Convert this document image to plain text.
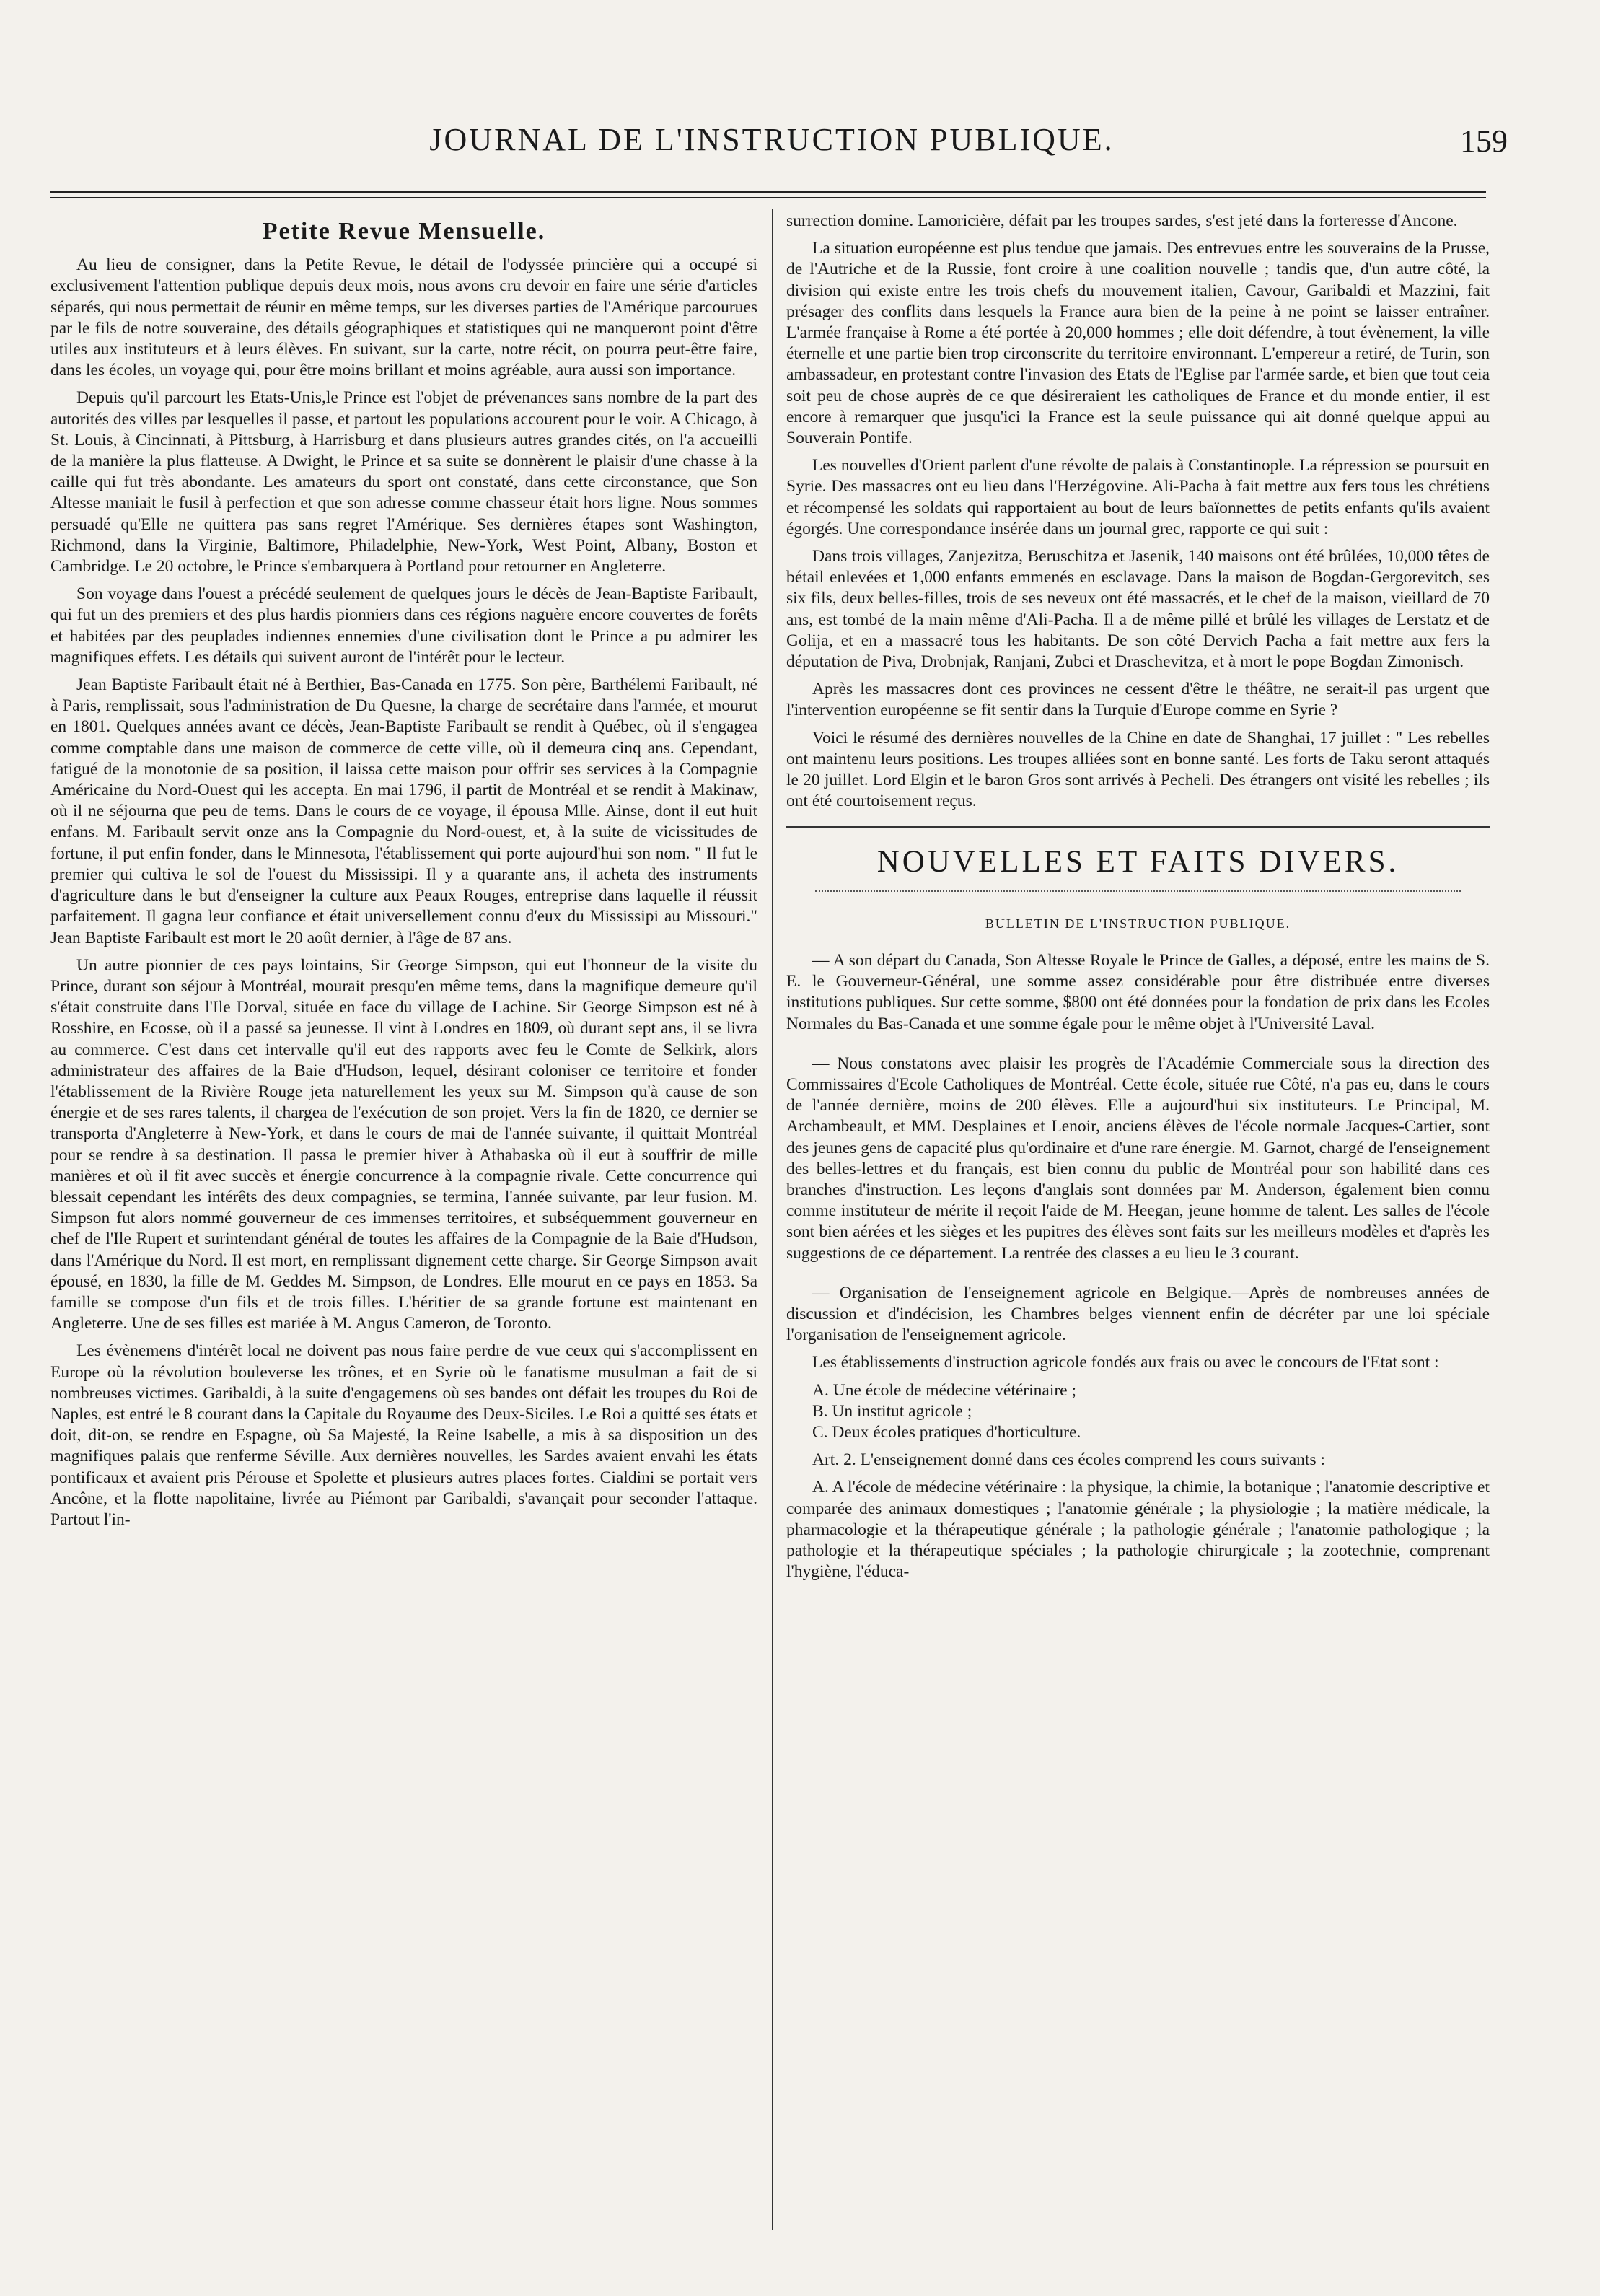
JOURNAL DE L'INSTRUCTION PUBLIQUE.	159
Petite Revue Mensuelle.

Au lieu de consigner, dans la Petite Revue, le détail de l'odyssée princière qui a occupé si exclusivement l'attention publique depuis deux mois, nous avons cru devoir en faire une série d'articles séparés, qui nous permettait de réunir en même temps, sur les diverses parties de l'Amérique parcourues par le fils de notre souveraine, des détails géographiques et statistiques qui ne manqueront point d'être utiles aux instituteurs et à leurs élèves. En suivant, sur la carte, notre récit, on pourra peut-être faire, dans les écoles, un voyage qui, pour être moins brillant et moins agréable, aura aussi son importance.

Depuis qu'il parcourt les Etats-Unis,le Prince est l'objet de prévenances sans nombre de la part des autorités des villes par lesquelles il passe, et partout les populations accourent pour le voir. A Chicago, à St. Louis, à Cincinnati, à Pittsburg, à Harrisburg et dans plusieurs autres grandes cités, on l'a accueilli de la manière la plus flatteuse. A Dwight, le Prince et sa suite se donnèrent le plaisir d'une chasse à la caille qui fut très abondante. Les amateurs du sport ont constaté, dans cette circonstance, que Son Altesse maniait le fusil à perfection et que son adresse comme chasseur était hors ligne. Nous sommes persuadé qu'Elle ne quittera pas sans regret l'Amérique. Ses dernières étapes sont Washington, Richmond, dans la Virginie, Baltimore, Philadelphie, New-York, West Point, Albany, Boston et Cambridge. Le 20 octobre, le Prince s'embarquera à Portland pour retourner en Angleterre.

Son voyage dans l'ouest a précédé seulement de quelques jours le décès de Jean-Baptiste Faribault, qui fut un des premiers et des plus hardis pionniers dans ces régions naguère encore couvertes de forêts et habitées par des peuplades indiennes ennemies d'une civilisation dont le Prince a pu admirer les magnifiques effets. Les détails qui suivent auront de l'intérêt pour le lecteur.

Jean Baptiste Faribault était né à Berthier, Bas-Canada en 1775. Son père, Barthélemi Faribault, né à Paris, remplissait, sous l'administration de Du Quesne, la charge de secrétaire dans l'armée, et mourut en 1801. Quelques années avant ce décès, Jean-Baptiste Faribault se rendit à Québec, où il s'engagea comme comptable dans une maison de commerce de cette ville, où il demeura cinq ans. Cependant, fatigué de la monotonie de sa position, il laissa cette maison pour offrir ses services à la Compagnie Américaine du Nord-Ouest qui les accepta. En mai 1796, il partit de Montréal et se rendit à Makinaw, où il ne séjourna que peu de tems. Dans le cours de ce voyage, il épousa Mlle. Ainse, dont il eut huit enfans. M. Faribault servit onze ans la Compagnie du Nord-ouest, et, à la suite de vicissitudes de fortune, il put enfin fonder, dans le Minnesota, l'établissement qui porte aujourd'hui son nom. " Il fut le premier qui cultiva le sol de l'ouest du Mississipi. Il y a quarante ans, il acheta des instruments d'agriculture dans le but d'enseigner la culture aux Peaux Rouges, entreprise dans laquelle il réussit parfaitement. Il gagna leur confiance et était universellement connu d'eux du Mississipi au Missouri." Jean Baptiste Faribault est mort le 20 août dernier, à l'âge de 87 ans.

Un autre pionnier de ces pays lointains, Sir George Simpson, qui eut l'honneur de la visite du Prince, durant son séjour à Montréal, mourait presqu'en même tems, dans la magnifique demeure qu'il s'était construite dans l'Ile Dorval, située en face du village de Lachine. Sir George Simpson est né à Rosshire, en Ecosse, où il a passé sa jeunesse. Il vint à Londres en 1809, où durant sept ans, il se livra au commerce. C'est dans cet intervalle qu'il eut des rapports avec feu le Comte de Selkirk, alors administrateur des affaires de la Baie d'Hudson, lequel, désirant coloniser ce territoire et fonder l'établissement de la Rivière Rouge jeta naturellement les yeux sur M. Simpson qu'à cause de son énergie et de ses rares talents, il chargea de l'exécution de son projet. Vers la fin de 1820, ce dernier se transporta d'Angleterre à New-York, et dans le cours de mai de l'année suivante, il quittait Montréal pour se rendre à sa destination. Il passa le premier hiver à Athabaska où il eut à souffrir de mille manières et où il fit avec succès et énergie concurrence à la compagnie rivale. Cette concurrence qui blessait cependant les intérêts des deux compagnies, se termina, l'année suivante, par leur fusion. M. Simpson fut alors nommé gouverneur de ces immenses territoires, et subséquemment gouverneur en chef de l'Ile Rupert et surintendant général de toutes les affaires de la Compagnie de la Baie d'Hudson, dans l'Amérique du Nord. Il est mort, en remplissant dignement cette charge. Sir George Simpson avait épousé, en 1830, la fille de M. Geddes M. Simpson, de Londres. Elle mourut en ce pays en 1853. Sa famille se compose d'un fils et de trois filles. L'héritier de sa grande fortune est maintenant en Angleterre. Une de ses filles est mariée à M. Angus Cameron, de Toronto.

Les évènemens d'intérêt local ne doivent pas nous faire perdre de vue ceux qui s'accomplissent en Europe où la révolution bouleverse les trônes, et en Syrie où le fanatisme musulman a fait de si nombreuses victimes. Garibaldi, à la suite d'engagemens où ses bandes ont défait les troupes du Roi de Naples, est entré le 8 courant dans la Capitale du Royaume des Deux-Siciles. Le Roi a quitté ses états et doit, dit-on, se rendre en Espagne, où Sa Majesté, la Reine Isabelle, a mis à sa disposition un des magnifiques palais que renferme Séville. Aux dernières nouvelles, les Sardes avaient envahi les états pontificaux et avaient pris Pérouse et Spolette et plusieurs autres places fortes. Cialdini se portait vers Ancône, et la flotte napolitaine, livrée au Piémont par Garibaldi, s'avançait pour seconder l'attaque. Partout l'in-

surrection domine. Lamoricière, défait par les troupes sardes, s'est jeté dans la forteresse d'Ancone.

La situation européenne est plus tendue que jamais. Des entrevues entre les souverains de la Prusse, de l'Autriche et de la Russie, font croire à une coalition nouvelle ; tandis que, d'un autre côté, la division qui existe entre les trois chefs du mouvement italien, Cavour, Garibaldi et Mazzini, fait présager des conflits dans lesquels la France aura bien de la peine à ne point se laisser entraîner. L'armée française à Rome a été portée à 20,000 hommes ; elle doit défendre, à tout évènement, la ville éternelle et une partie bien trop circonscrite du territoire environnant. L'empereur a retiré, de Turin, son ambassadeur, en protestant contre l'invasion des Etats de l'Eglise par l'armée sarde, et bien que tout ceia soit peu de chose auprès de ce que désireraient les catholiques de France et du monde entier, il est encore à remarquer que jusqu'ici la France est la seule puissance qui ait donné quelque appui au Souverain Pontife.

Les nouvelles d'Orient parlent d'une révolte de palais à Constantinople. La répression se poursuit en Syrie. Des massacres ont eu lieu dans l'Herzégovine. Ali-Pacha à fait mettre aux fers tous les chrétiens et récompensé les soldats qui rapportaient au bout de leurs baïonnettes de petits enfants qu'ils avaient égorgés. Une correspondance insérée dans un journal grec, rapporte ce qui suit :

Dans trois villages, Zanjezitza, Beruschitza et Jasenik, 140 maisons ont été brûlées, 10,000 têtes de bétail enlevées et 1,000 enfants emmenés en esclavage. Dans la maison de Bogdan-Gergorevitch, ses six fils, deux belles-filles, trois de ses neveux ont été massacrés, et le chef de la maison, vieillard de 70 ans, est tombé de la main même d'Ali-Pacha. Il a de même pillé et brûlé les villages de Lerstatz et de Golija, et en a massacré tous les habitants. De son côté Dervich Pacha a fait mettre aux fers la députation de Piva, Drobnjak, Ranjani, Zubci et Draschevitza, et à mort le pope Bogdan Zimonisch.

Après les massacres dont ces provinces ne cessent d'être le théâtre, ne serait-il pas urgent que l'intervention européenne se fit sentir dans la Turquie d'Europe comme en Syrie ?

Voici le résumé des dernières nouvelles de la Chine en date de Shanghai, 17 juillet : " Les rebelles ont maintenu leurs positions. Les troupes alliées sont en bonne santé. Les forts de Taku seront attaqués le 20 juillet. Lord Elgin et le baron Gros sont arrivés à Pecheli. Des étrangers ont visité les rebelles ; ils ont été courtoisement reçus.

NOUVELLES ET FAITS DIVERS.
BULLETIN DE L'INSTRUCTION PUBLIQUE.

— A son départ du Canada, Son Altesse Royale le Prince de Galles, a déposé, entre les mains de S. E. le Gouverneur-Général, une somme assez considérable pour être distribuée entre diverses institutions publiques. Sur cette somme, $800 ont été données pour la fondation de prix dans les Ecoles Normales du Bas-Canada et une somme égale pour le même objet à l'Université Laval.

— Nous constatons avec plaisir les progrès de l'Académie Commerciale sous la direction des Commissaires d'Ecole Catholiques de Montréal. Cette école, située rue Côté, n'a pas eu, dans le cours de l'année dernière, moins de 200 élèves. Elle a aujourd'hui six instituteurs. Le Principal, M. Archambeault, et MM. Desplaines et Lenoir, anciens élèves de l'école normale Jacques-Cartier, sont des jeunes gens de capacité plus qu'ordinaire et d'une rare énergie. M. Garnot, chargé de l'enseignement des belles-lettres et du français, est bien connu du public de Montréal pour son habilité dans ces branches d'instruction. Les leçons d'anglais sont données par M. Anderson, également bien connu comme instituteur de mérite il reçoit l'aide de M. Heegan, jeune homme de talent. Les salles de l'école sont bien aérées et les sièges et les pupitres des élèves sont faits sur les meilleurs modèles et d'après les suggestions de ce département. La rentrée des classes a eu lieu le 3 courant.

— Organisation de l'enseignement agricole en Belgique.—Après de nombreuses années de discussion et d'indécision, les Chambres belges viennent enfin de décréter par une loi spéciale l'organisation de l'enseignement agricole.

Les établissements d'instruction agricole fondés aux frais ou avec le concours de l'Etat sont :

A. Une école de médecine vétérinaire ;

B. Un institut agricole ;

C. Deux écoles pratiques d'horticulture.

Art. 2. L'enseignement donné dans ces écoles comprend les cours suivants :

A. A l'école de médecine vétérinaire : la physique, la chimie, la botanique ; l'anatomie descriptive et comparée des animaux domestiques ; l'anatomie générale ; la physiologie ; la matière médicale, la pharmacologie et la thérapeutique générale ; la pathologie générale ; l'anatomie pathologique ; la pathologie et la thérapeutique spéciales ; la pathologie chirurgicale ; la zootechnie, comprenant l'hygiène, l'éduca-
